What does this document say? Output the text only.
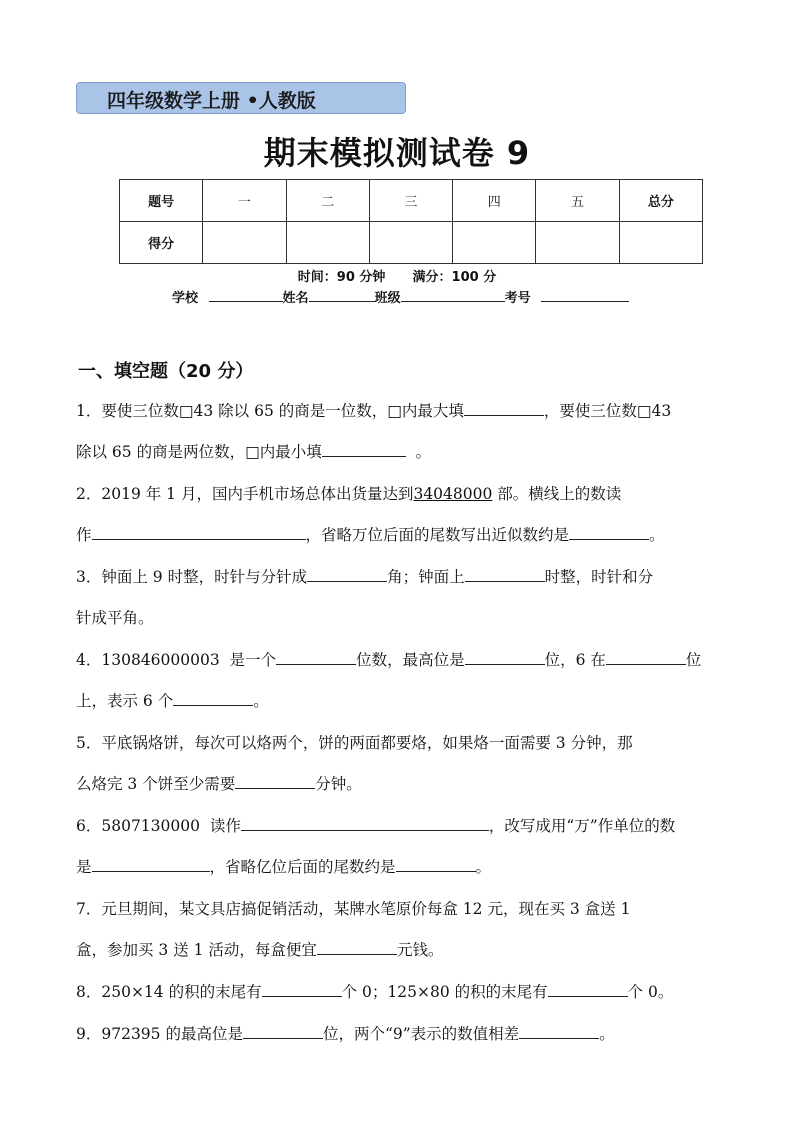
四年级数学上册 •人教版
期末模拟测试卷 9
题号	一	二	三	四	五	总分
得分						
时间：90 分钟      满分：100 分
学校	姓名	班级	考号
一、填空题（20 分）
1．要使三位数□43 除以 65 的商是一位数，□内最大填	，要使三位数□43
除以 65 的商是两位数，□内最小填	。
2．2019 年 1 月，国内手机市场总体出货量达到34048000 部。横线上的数读
作	，省略万位后面的尾数写出近似数约是	。
3．钟面上 9 时整，时针与分针成	角；钟面上	时整，时针和分
针成平角。
4．130846000003  是一个	位数，最高位是	位，6 在	位
上，表示 6 个	。
5．平底锅烙饼，每次可以烙两个，饼的两面都要烙，如果烙一面需要 3 分钟，那
么烙完 3 个饼至少需要	分钟。
6．5807130000  读作	，改写成用“万”作单位的数
是	，省略亿位后面的尾数约是	。
7．元旦期间，某文具店搞促销活动，某牌水笔原价每盒 12 元，现在买 3 盒送 1
盒，参加买 3 送 1 活动，每盒便宜	元钱。
8．250×14 的积的末尾有	个 0；125×80 的积的末尾有	个 0。
9．972395 的最高位是	位，两个“9”表示的数值相差	。
